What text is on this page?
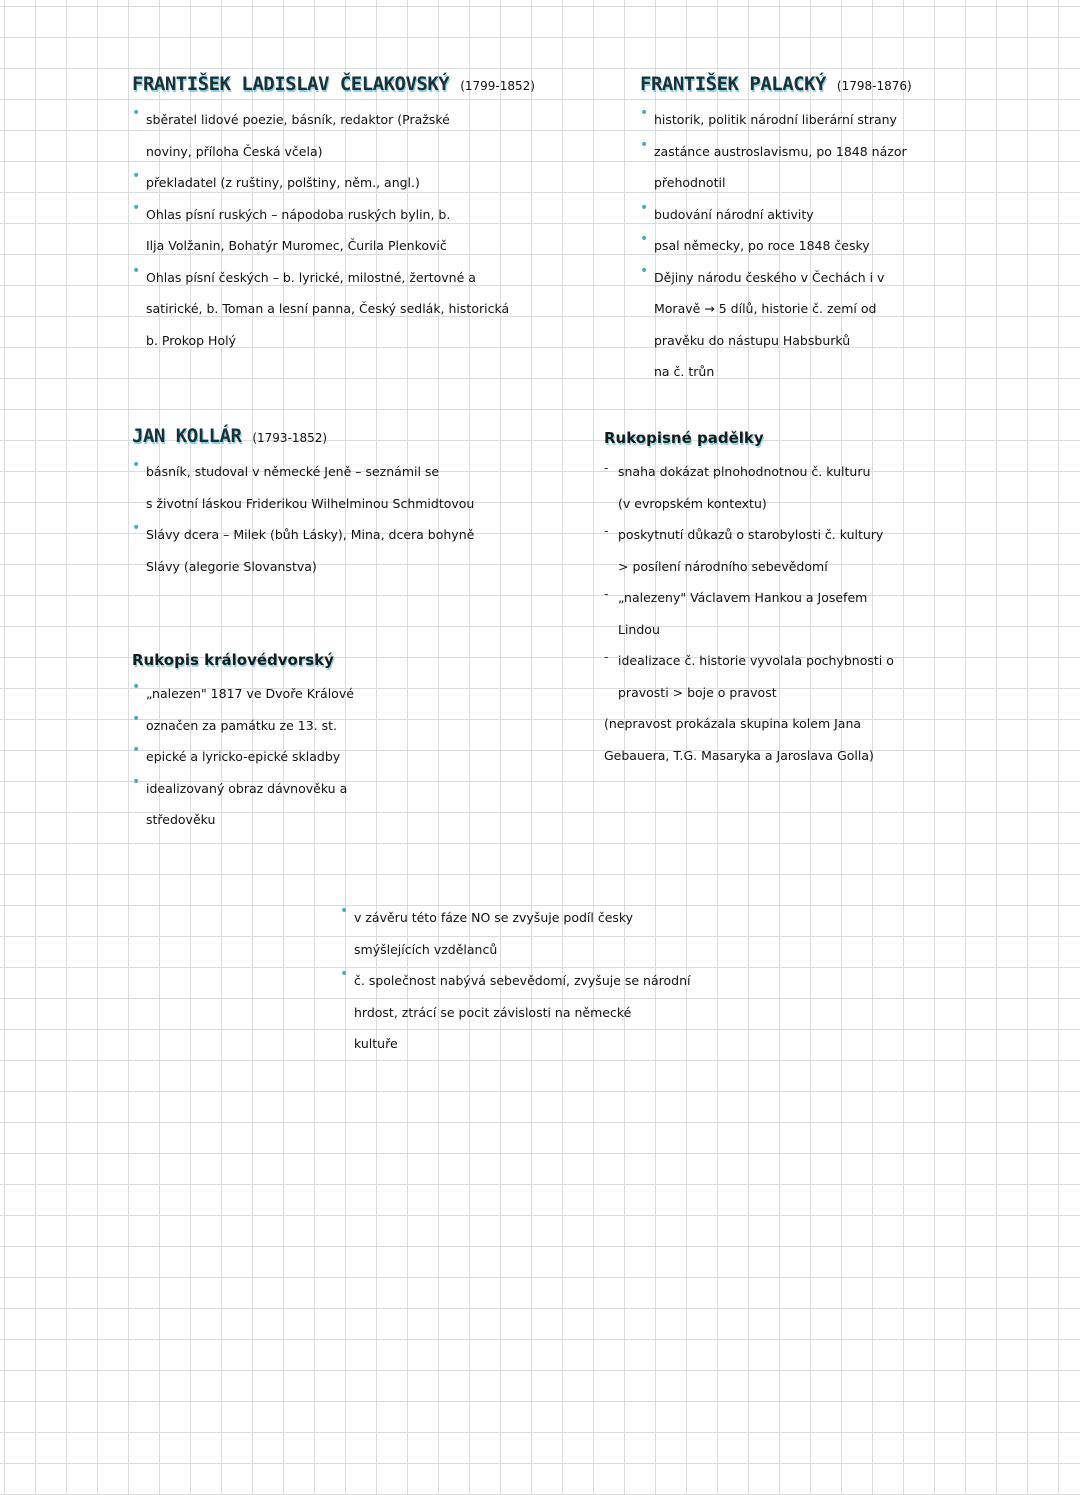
FRANTIŠEK LADISLAV ČELAKOVSKÝ (1799-1852)
• sběratel lidové poezie, básník, redaktor (Pražské
noviny, příloha Česká včela)
• překladatel (z ruštiny, polštiny, něm., angl.)
• Ohlas písní ruských – nápodoba ruských bylin, b.
Ilja Volžanin, Bohatýr Muromec, Čurila Plenkovič
• Ohlas písní českých – b. lyrické, milostné, žertovné a
satirické, b. Toman a lesní panna, Český sedlák, historická
b. Prokop Holý
FRANTIŠEK PALACKÝ (1798-1876)
• historik, politik národní liberární strany
• zastánce austroslavismu, po 1848 názor
přehodnotil
• budování národní aktivity
• psal německy, po roce 1848 česky
• Dějiny národu českého v Čechách i v
Moravě → 5 dílů, historie č. zemí od
pravěku do nástupu Habsburků
na č. trůn
JAN KOLLÁR (1793-1852)
• básník, studoval v německé Jeně – seznámil se
s životní láskou Friderikou Wilhelminou Schmidtovou
• Slávy dcera – Milek (bůh Lásky), Mina, dcera bohyně
Slávy (alegorie Slovanstva)
Rukopisné padělky
- snaha dokázat plnohodnotnou č. kulturu
(v evropském kontextu)
- poskytnutí důkazů o starobylosti č. kultury
> posílení národního sebevědomí
- „nalezeny" Václavem Hankou a Josefem
Lindou
- idealizace č. historie vyvolala pochybnosti o
pravosti > boje o pravost
(nepravost prokázala skupina kolem Jana
Gebauera, T.G. Masaryka a Jaroslava Golla)
Rukopis královédvorský
• „nalezen" 1817 ve Dvoře Králové
• označen za památku ze 13. st.
• epické a lyricko-epické skladby
• idealizovaný obraz dávnověku a
středověku
• v závěru této fáze NO se zvyšuje podíl česky
smýšlejících vzdělanců
• č. společnost nabývá sebevědomí, zvyšuje se národní
hrdost, ztrácí se pocit závislosti na německé
kultuře
